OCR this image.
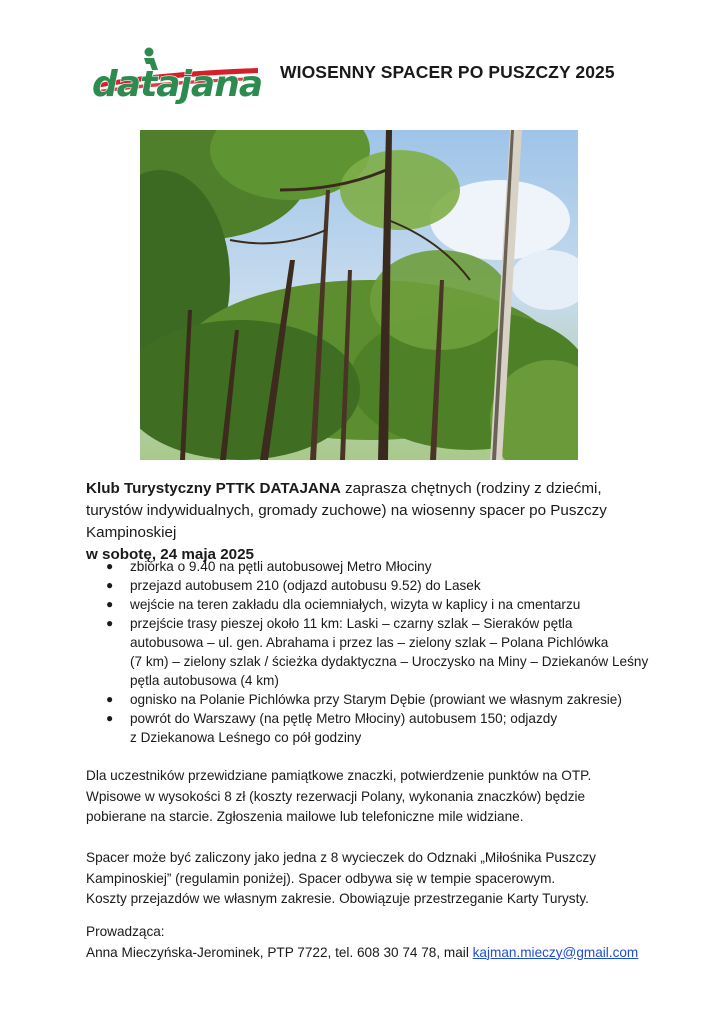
datajana WIOSENNY SPACER PO PUSZCZY 2025
Klub Turystyczny PTTK DATAJANA zaprasza chętnych (rodziny z dziećmi, turystów indywidualnych, gromady zuchowe) na wiosenny spacer po Puszczy Kampinoskiej
w sobotę, 24 maja 2025
● zbiórka o 9.40 na pętli autobusowej Metro Młociny
● przejazd autobusem 210 (odjazd autobusu 9.52) do Lasek
● wejście na teren zakładu dla ociemniałych, wizyta w kaplicy i na cmentarzu
● przejście trasy pieszej około 11 km: Laski – czarny szlak – Sieraków pętla
autobusowa – ul. gen. Abrahama i przez las – zielony szlak – Polana Pichlówka
(7 km) – zielony szlak / ścieżka dydaktyczna – Uroczysko na Miny – Dziekanów Leśny
pętla autobusowa (4 km)
● ognisko na Polanie Pichlówka przy Starym Dębie (prowiant we własnym zakresie)
● powrót do Warszawy (na pętlę Metro Młociny) autobusem 150; odjazdy
z Dziekanowa Leśnego co pół godziny
Dla uczestników przewidziane pamiątkowe znaczki, potwierdzenie punktów na OTP.
Wpisowe w wysokości 8 zł (koszty rezerwacji Polany, wykonania znaczków) będzie
pobierane na starcie. Zgłoszenia mailowe lub telefoniczne mile widziane.
Spacer może być zaliczony jako jedna z 8 wycieczek do Odznaki „Miłośnika Puszczy
Kampinoskiej” (regulamin poniżej). Spacer odbywa się w tempie spacerowym.
Koszty przejazdów we własnym zakresie. Obowiązuje przestrzeganie Karty Turysty.
Prowadząca:
Anna Mieczyńska-Jerominek, PTP 7722, tel. 608 30 74 78, mail kajman.mieczy@gmail.com
